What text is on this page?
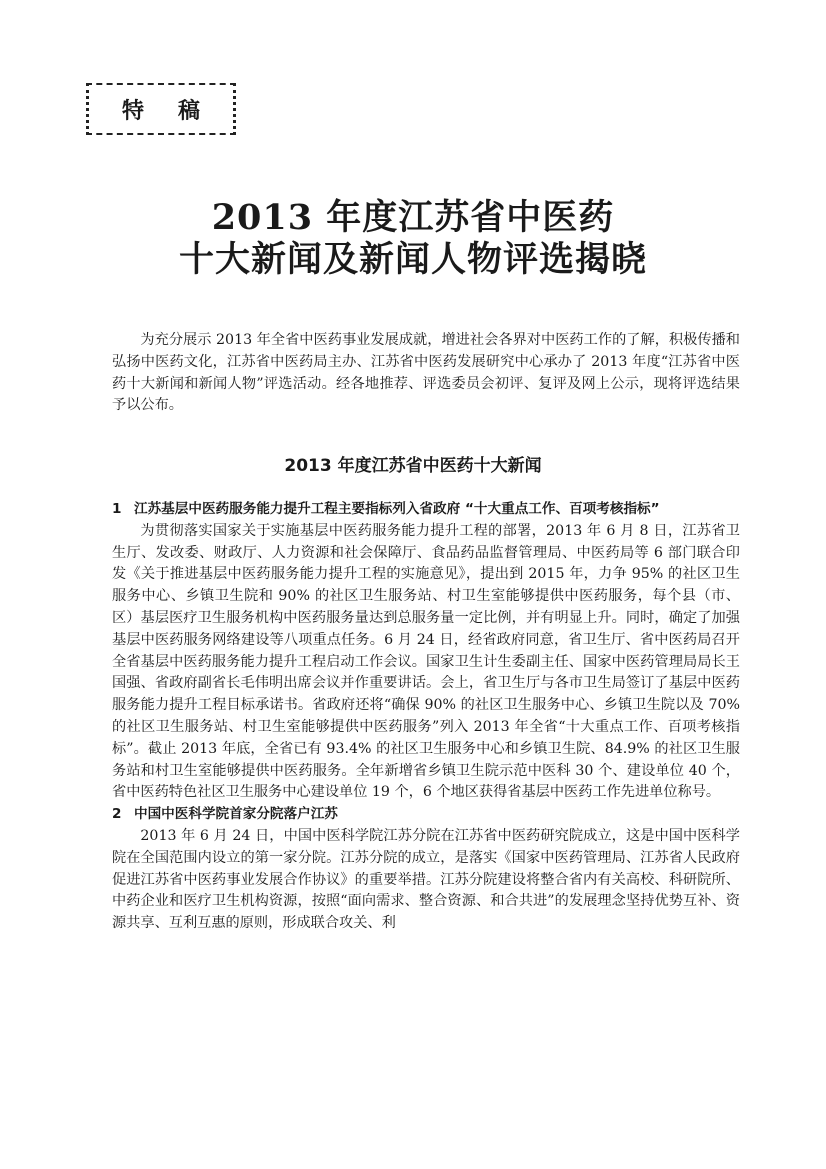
特稿
2013 年度江苏省中医药
十大新闻及新闻人物评选揭晓

为充分展示 2013 年全省中医药事业发展成就，增进社会各界对中医药工作的了解，积极传播和弘扬中医药文化，江苏省中医药局主办、江苏省中医药发展研究中心承办了 2013 年度“江苏省中医药十大新闻和新闻人物”评选活动。经各地推荐、评选委员会初评、复评及网上公示，现将评选结果予以公布。

2013 年度江苏省中医药十大新闻

1 江苏基层中医药服务能力提升工程主要指标列入省政府 “十大重点工作、百项考核指标”

为贯彻落实国家关于实施基层中医药服务能力提升工程的部署，2013 年 6 月 8 日，江苏省卫生厅、发改委、财政厅、人力资源和社会保障厅、食品药品监督管理局、中医药局等 6 部门联合印发《关于推进基层中医药服务能力提升工程的实施意见》，提出到 2015 年，力争 95% 的社区卫生服务中心、乡镇卫生院和 90% 的社区卫生服务站、村卫生室能够提供中医药服务，每个县（市、区）基层医疗卫生服务机构中医药服务量达到总服务量一定比例，并有明显上升。同时，确定了加强基层中医药服务网络建设等八项重点任务。6 月 24 日，经省政府同意，省卫生厅、省中医药局召开全省基层中医药服务能力提升工程启动工作会议。国家卫生计生委副主任、国家中医药管理局局长王国强、省政府副省长毛伟明出席会议并作重要讲话。会上，省卫生厅与各市卫生局签订了基层中医药服务能力提升工程目标承诺书。省政府还将“确保 90% 的社区卫生服务中心、乡镇卫生院以及 70% 的社区卫生服务站、村卫生室能够提供中医药服务”列入 2013 年全省“十大重点工作、百项考核指标”。截止 2013 年底，全省已有 93.4% 的社区卫生服务中心和乡镇卫生院、84.9% 的社区卫生服务站和村卫生室能够提供中医药服务。全年新增省乡镇卫生院示范中医科 30 个、建设单位 40 个，省中医药特色社区卫生服务中心建设单位 19 个，6 个地区获得省基层中医药工作先进单位称号。

2 中国中医科学院首家分院落户江苏

2013 年 6 月 24 日，中国中医科学院江苏分院在江苏省中医药研究院成立，这是中国中医科学院在全国范围内设立的第一家分院。江苏分院的成立，是落实《国家中医药管理局、江苏省人民政府促进江苏省中医药事业发展合作协议》的重要举措。江苏分院建设将整合省内有关高校、科研院所、中药企业和医疗卫生机构资源，按照“面向需求、整合资源、和合共进”的发展理念坚持优势互补、资源共享、互利互惠的原则，形成联合攻关、利
